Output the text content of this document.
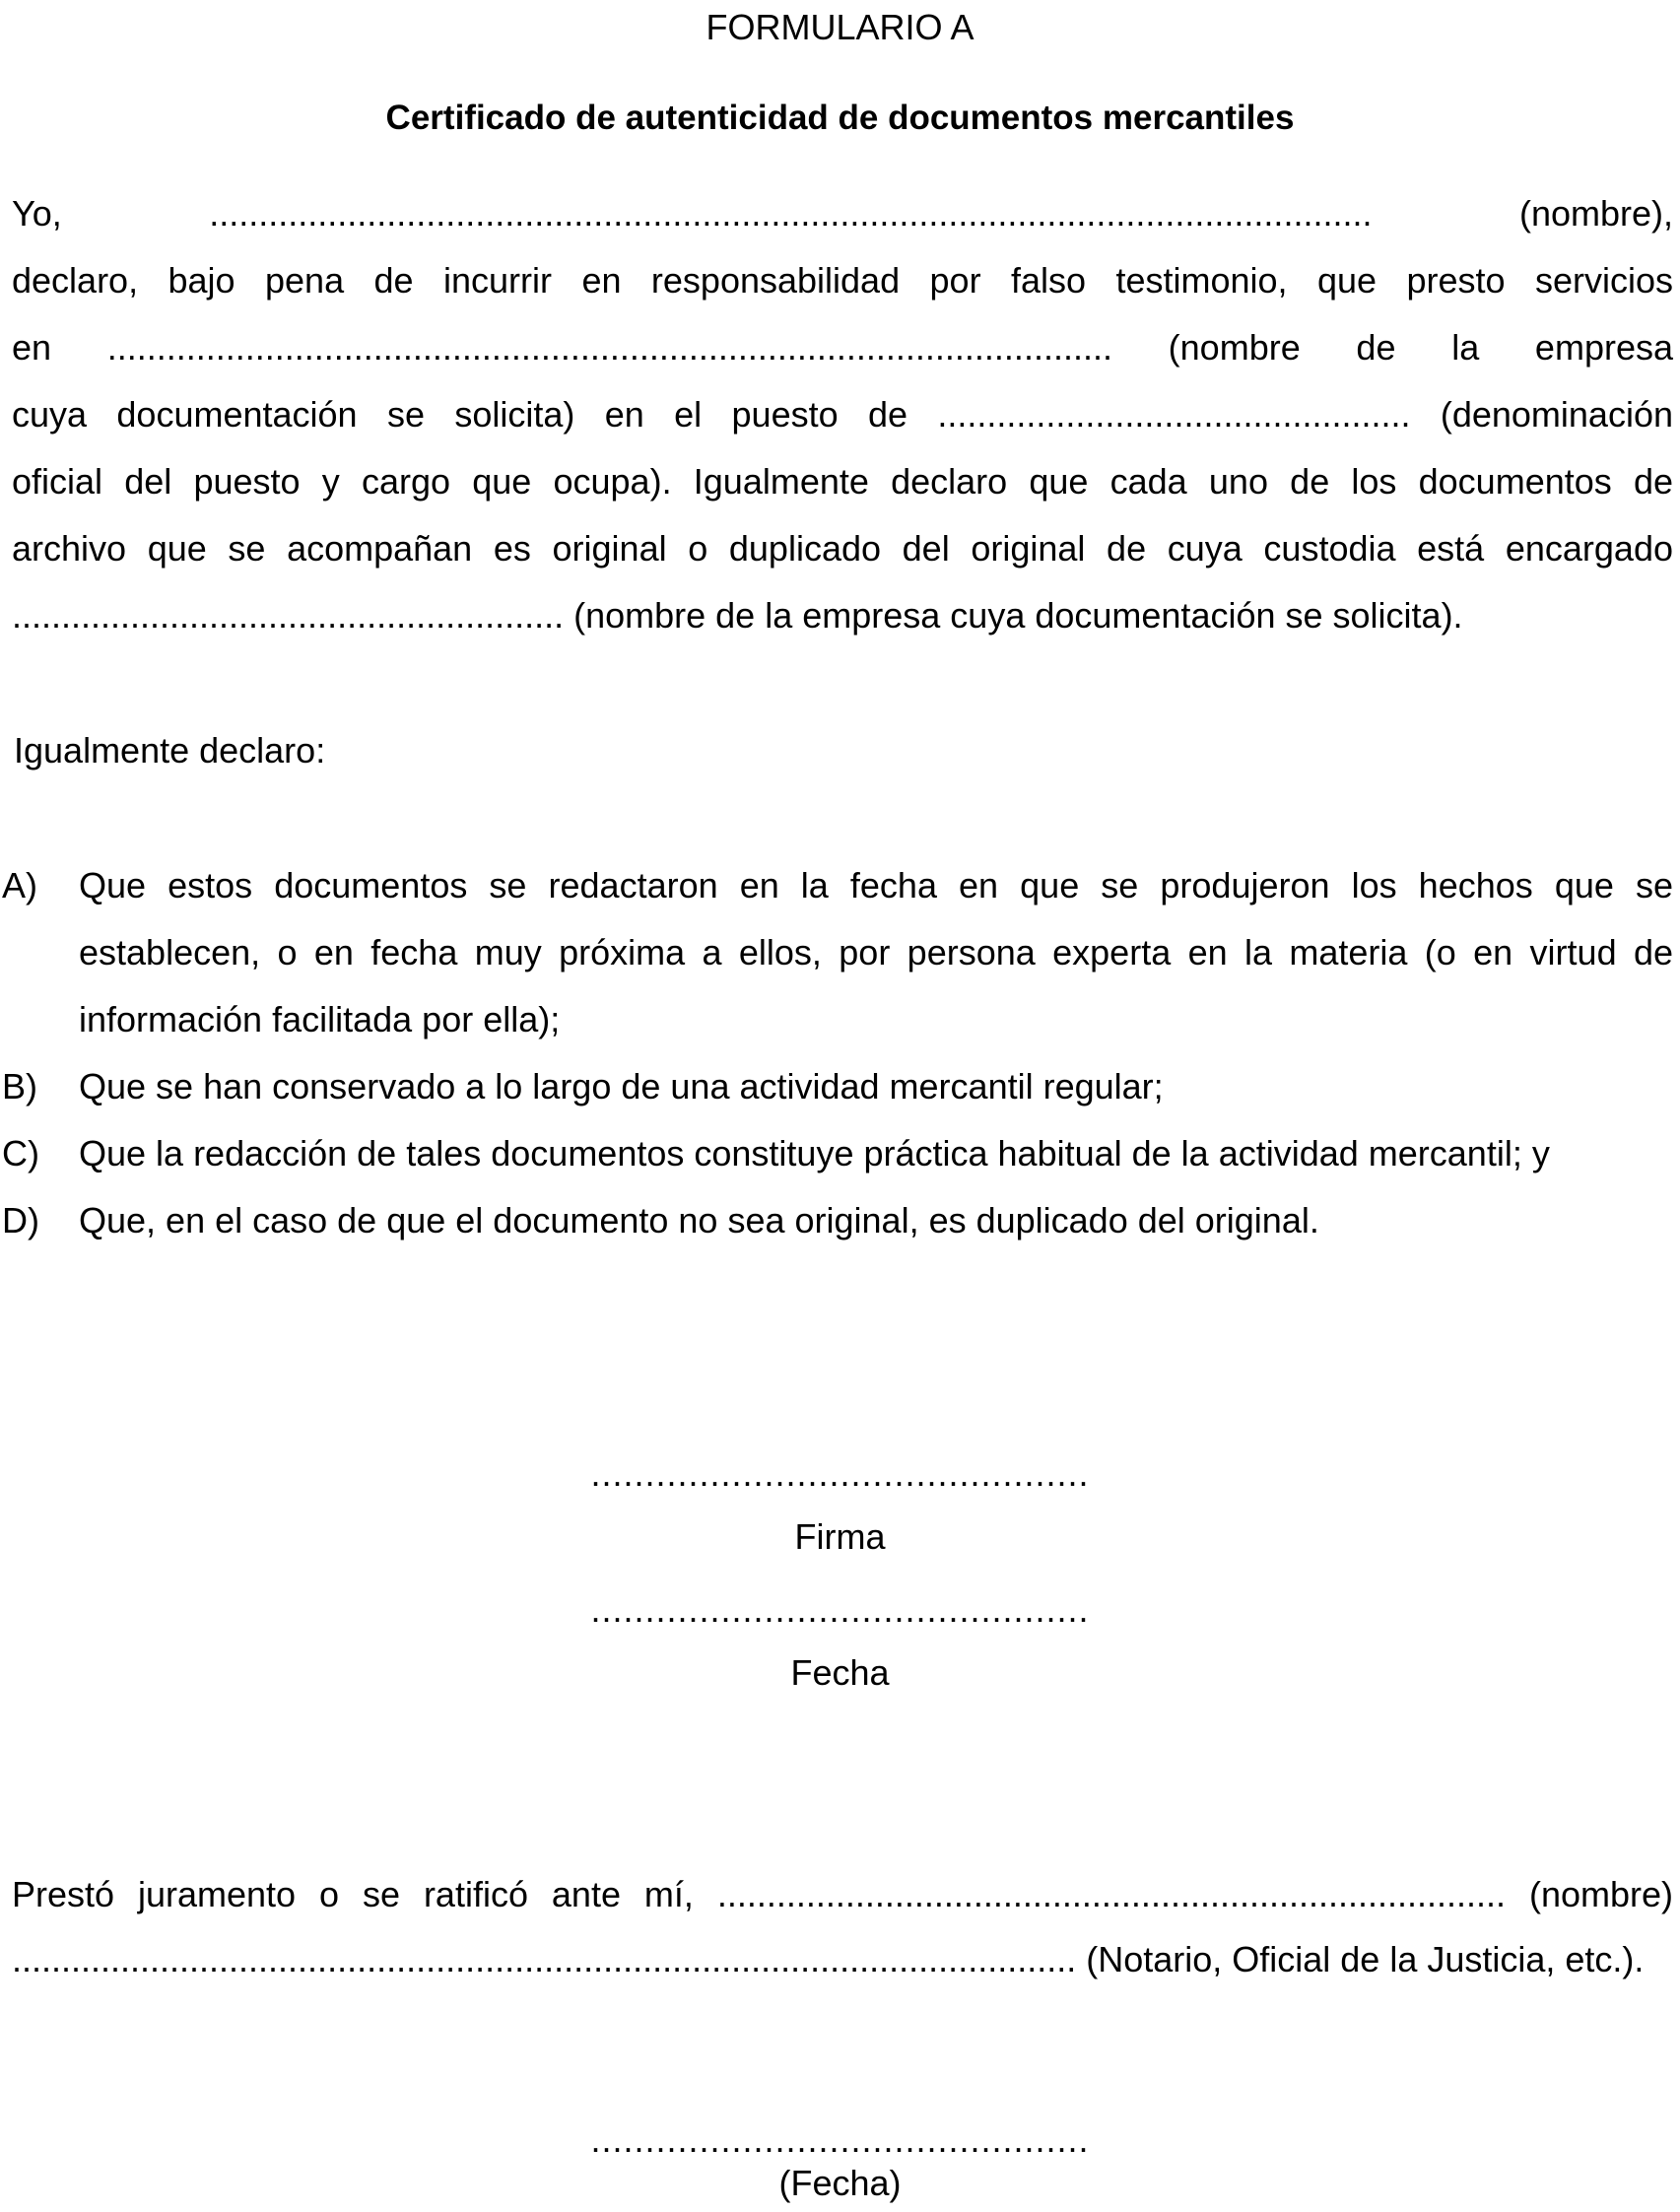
FORMULARIO A
Certificado de autenticidad de documentos mercantiles
Yo, ...................................................................................................................... (nombre),
declaro, bajo pena de incurrir en responsabilidad por falso testimonio, que presto servicios
en ...................................................................................................... (nombre de la empresa
cuya documentación se solicita) en el puesto de ................................................ (denominación
oficial del puesto y cargo que ocupa). Igualmente declaro que cada uno de los documentos de
archivo que se acompañan es original o duplicado del original de cuya custodia está encargado
........................................................ (nombre de la empresa cuya documentación se solicita).
Igualmente declaro:
A) Que estos documentos se redactaron en la fecha en que se produjeron los hechos que se
establecen, o en fecha muy próxima a ellos, por persona experta en la materia (o en virtud de
información facilitada por ella);
B) Que se han conservado a lo largo de una actividad mercantil regular;
C) Que la redacción de tales documentos constituye práctica habitual de la actividad mercantil; y
D) Que, en el caso de que el documento no sea original, es duplicado del original.
..............................................
Firma
..............................................
Fecha
Prestó juramento o se ratificó ante mí, ................................................................................ (nombre)
............................................................................................................ (Notario, Oficial de la Justicia, etc.).
..............................................
(Fecha)
